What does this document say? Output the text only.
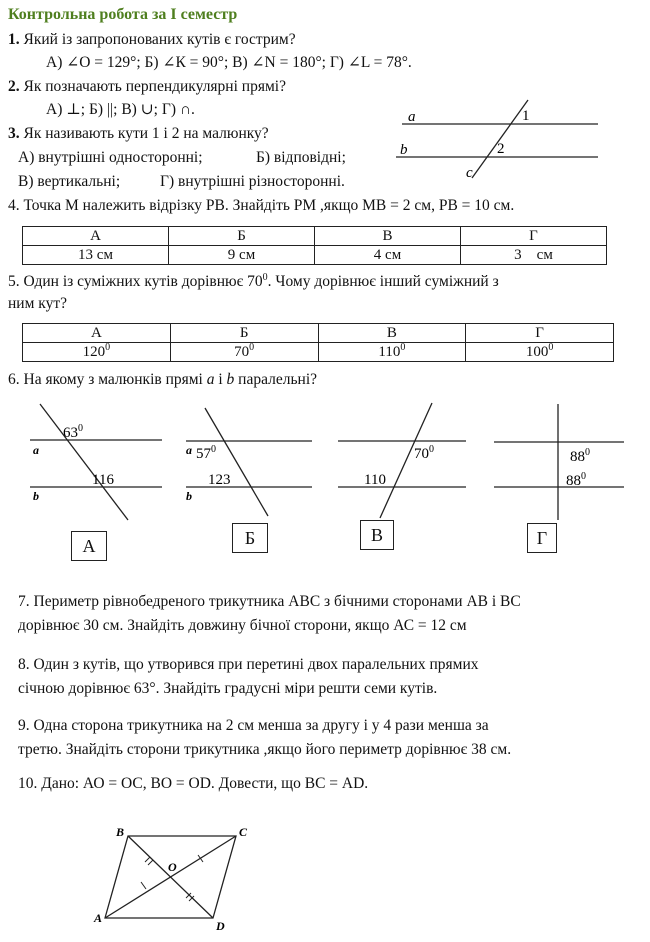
Контрольна робота за І семестр
1. Який із запропонованих кутів є гострим?
А) ∠О = 129°; Б) ∠К = 90°; В) ∠N = 180°; Г) ∠L = 78°.
2. Як позначають перпендикулярні прямі?
А) ⊥; Б) ||; В) ∪; Г) ∩.
3. Як називають кути 1 і 2 на малюнку?
А) внутрішні односторонні;	Б) відповідні;
В) вертикальні;	Г) внутрішні різносторонні.
a
b
c
1
2
4. Точка М належить відрізку РВ. Знайдіть РМ ,якщо МВ = 2 см, РВ = 10 см.
А	Б	В	Г
13 см	9 см	4 см	3    см
5. Один із суміжних кутів дорівнює $70^0$. Чому дорівнює інший суміжний з
ним кут?
А	Б	В	Г
$120^0$	$70^0$	$110^0$	$100^0$
6. На якому з малюнків прямі a і b паралельні?
$63^0$
116
a
b
$57^0$
123
a
b
$70^0$
110
$88^0$
$88^0$
А	Б	В	Г
7. Периметр рівнобедреного трикутника АВС з бічними сторонами АВ і ВС
дорівнює 30 см. Знайдіть довжину бічної сторони, якщо АС = 12 см
8. Один з кутів, що утворився при перетині двох паралельних прямих
січною дорівнює 63°. Знайдіть градусні міри решти семи кутів.
9. Одна сторона трикутника на 2 см менша за другу і у 4 рази менша за
третю. Знайдіть сторони трикутника ,якщо його периметр дорівнює 38 см.
10. Дано: АО = ОС, ВО = OD. Довести, що ВС = AD.
B	C
A
D
O
